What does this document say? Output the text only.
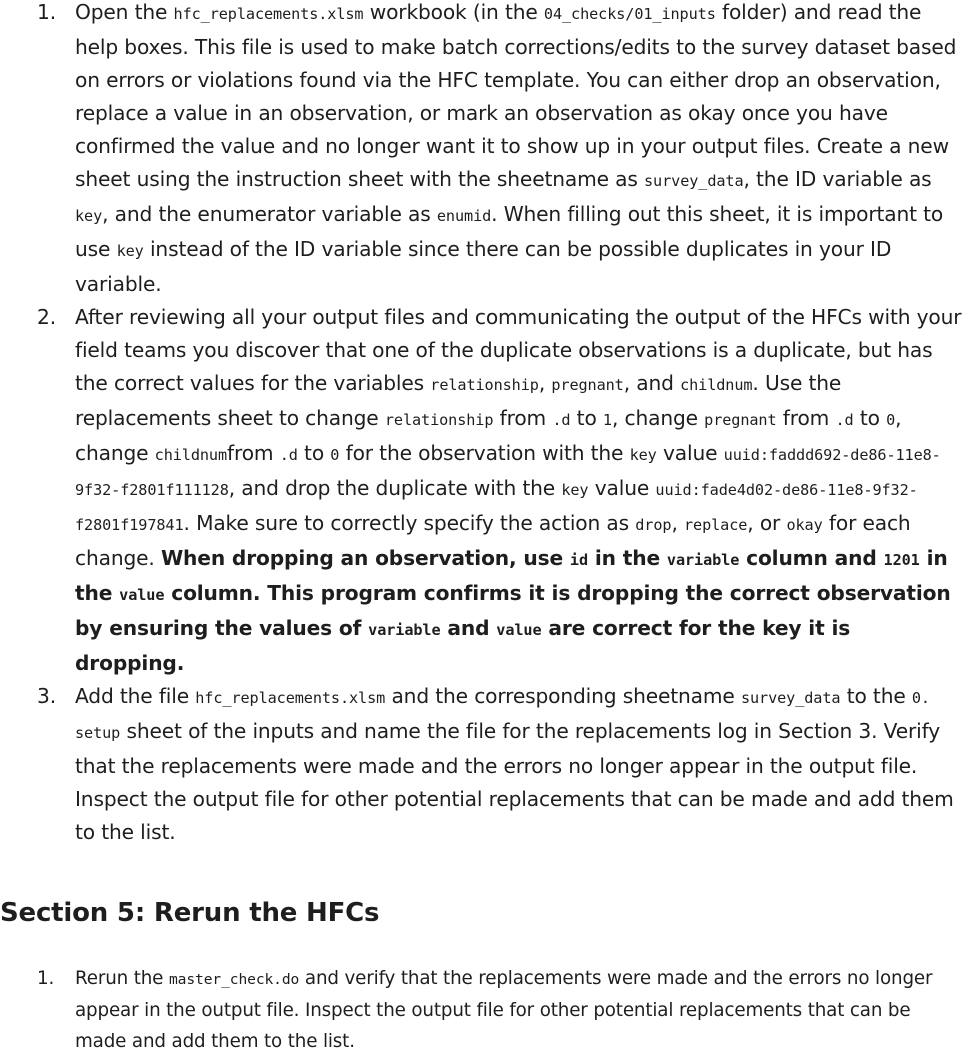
1. Open the hfc_replacements.xlsm workbook (in the 04_checks/01_inputs folder) and read the help boxes. This file is used to make batch corrections/edits to the survey dataset based on errors or violations found via the HFC template. You can either drop an observation, replace a value in an observation, or mark an observation as okay once you have confirmed the value and no longer want it to show up in your output files. Create a new sheet using the instruction sheet with the sheetname as survey_data, the ID variable as key, and the enumerator variable as enumid. When filling out this sheet, it is important to use key instead of the ID variable since there can be possible duplicates in your ID variable.
2. After reviewing all your output files and communicating the output of the HFCs with your field teams you discover that one of the duplicate observations is a duplicate, but has the correct values for the variables relationship, pregnant, and childnum. Use the replacements sheet to change relationship from .d to 1, change pregnant from .d to 0, change childnumfrom .d to 0 for the observation with the key value uuid:faddd692-de86-11e8-9f32-f2801f111128, and drop the duplicate with the key value uuid:fade4d02-de86-11e8-9f32-f2801f197841. Make sure to correctly specify the action as drop, replace, or okay for each change. When dropping an observation, use id in the variable column and 1201 in the value column. This program confirms it is dropping the correct observation by ensuring the values of variable and value are correct for the key it is dropping.
3. Add the file hfc_replacements.xlsm and the corresponding sheetname survey_data to the 0. setup sheet of the inputs and name the file for the replacements log in Section 3. Verify that the replacements were made and the errors no longer appear in the output file. Inspect the output file for other potential replacements that can be made and add them to the list.
Section 5: Rerun the HFCs
1. Rerun the master_check.do and verify that the replacements were made and the errors no longer appear in the output file. Inspect the output file for other potential replacements that can be made and add them to the list.
